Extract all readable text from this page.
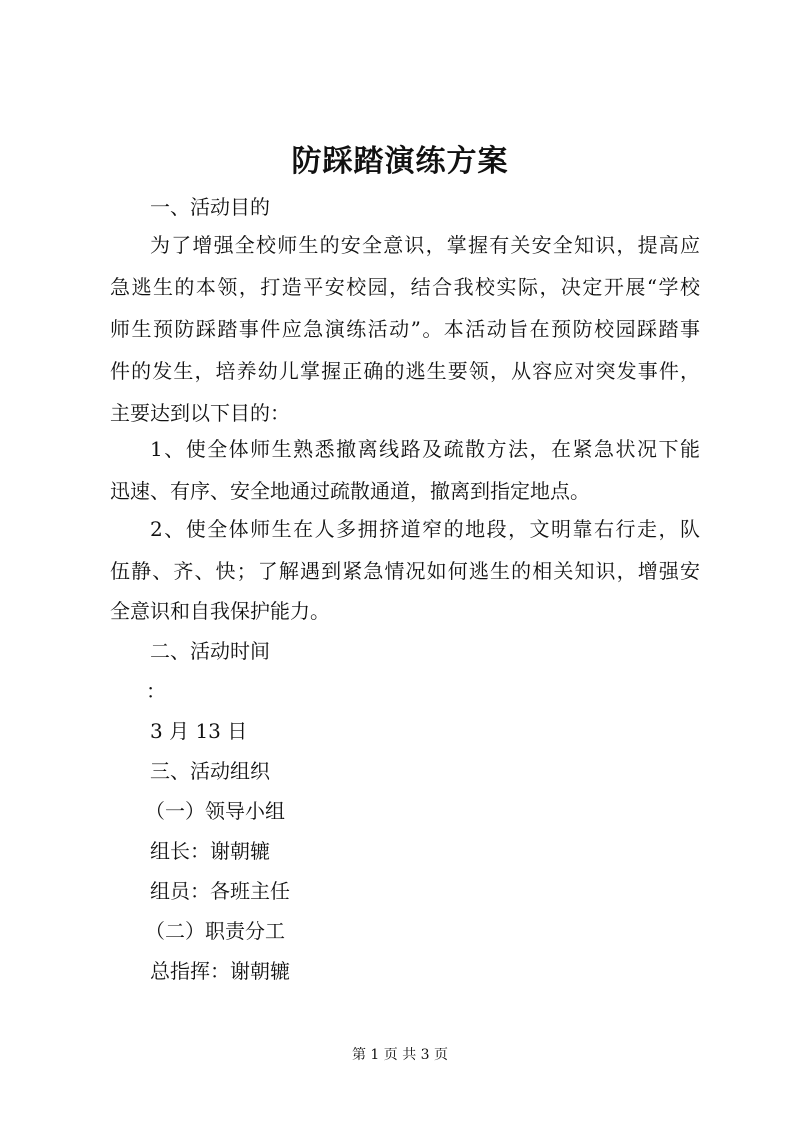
防踩踏演练方案
一、活动目的
为了增强全校师生的安全意识，掌握有关安全知识，提高应
急逃生的本领，打造平安校园，结合我校实际，决定开展“学校
师生预防踩踏事件应急演练活动”。本活动旨在预防校园踩踏事
件的发生，培养幼儿掌握正确的逃生要领，从容应对突发事件，
主要达到以下目的：
1、使全体师生熟悉撤离线路及疏散方法，在紧急状况下能
迅速、有序、安全地通过疏散通道，撤离到指定地点。
2、使全体师生在人多拥挤道窄的地段，文明靠右行走，队
伍静、齐、快；了解遇到紧急情况如何逃生的相关知识，增强安
全意识和自我保护能力。
二、活动时间
：
3 月 13 日
三、活动组织
（一）领导小组
组长：谢朝辘
组员：各班主任
（二）职责分工
总指挥：谢朝辘
第 1 页 共 3 页
